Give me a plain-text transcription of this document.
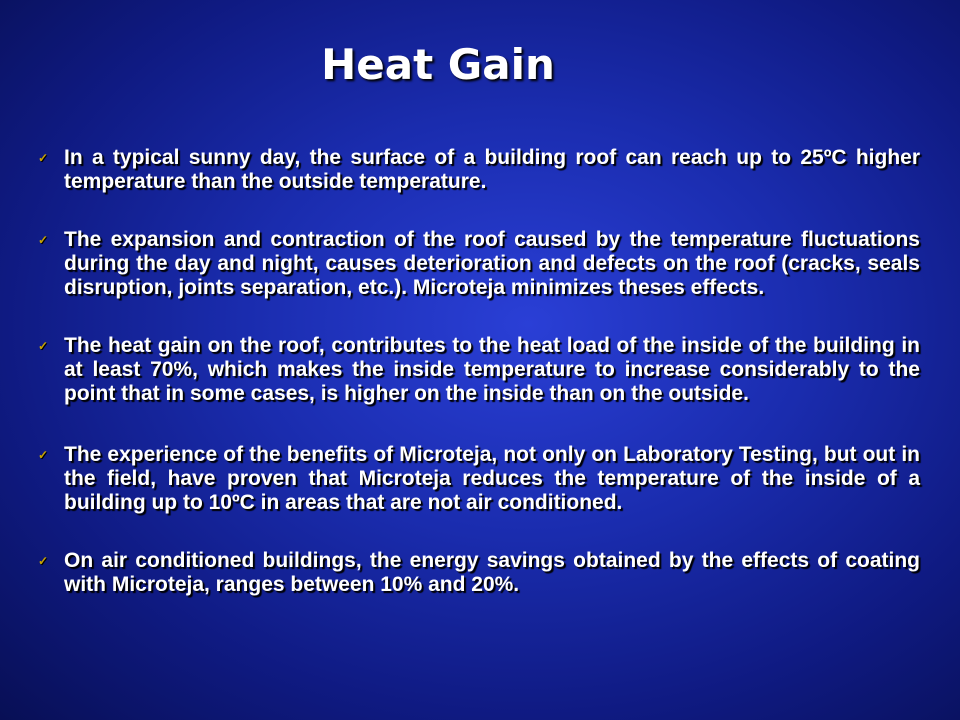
Heat Gain
✓ In a typical sunny day, the surface of a building roof can reach up to 25ºC higher temperature than the outside temperature.
✓ The expansion and contraction of the roof caused by the temperature fluctuations during the day and night, causes deterioration and defects on the roof (cracks, seals disruption, joints separation, etc.). Microteja minimizes theses effects.
✓ The heat gain on the roof, contributes to the heat load of the inside of the building in at least 70%, which makes the inside temperature to increase considerably to the point that in some cases, is higher on the inside than on the outside.
✓ The experience of the benefits of Microteja, not only on Laboratory Testing, but out in the field, have proven that Microteja reduces the temperature of the inside of a building up to 10ºC in areas that are not air conditioned.
✓ On air conditioned buildings, the energy savings obtained by the effects of coating with Microteja, ranges between 10% and 20%.
